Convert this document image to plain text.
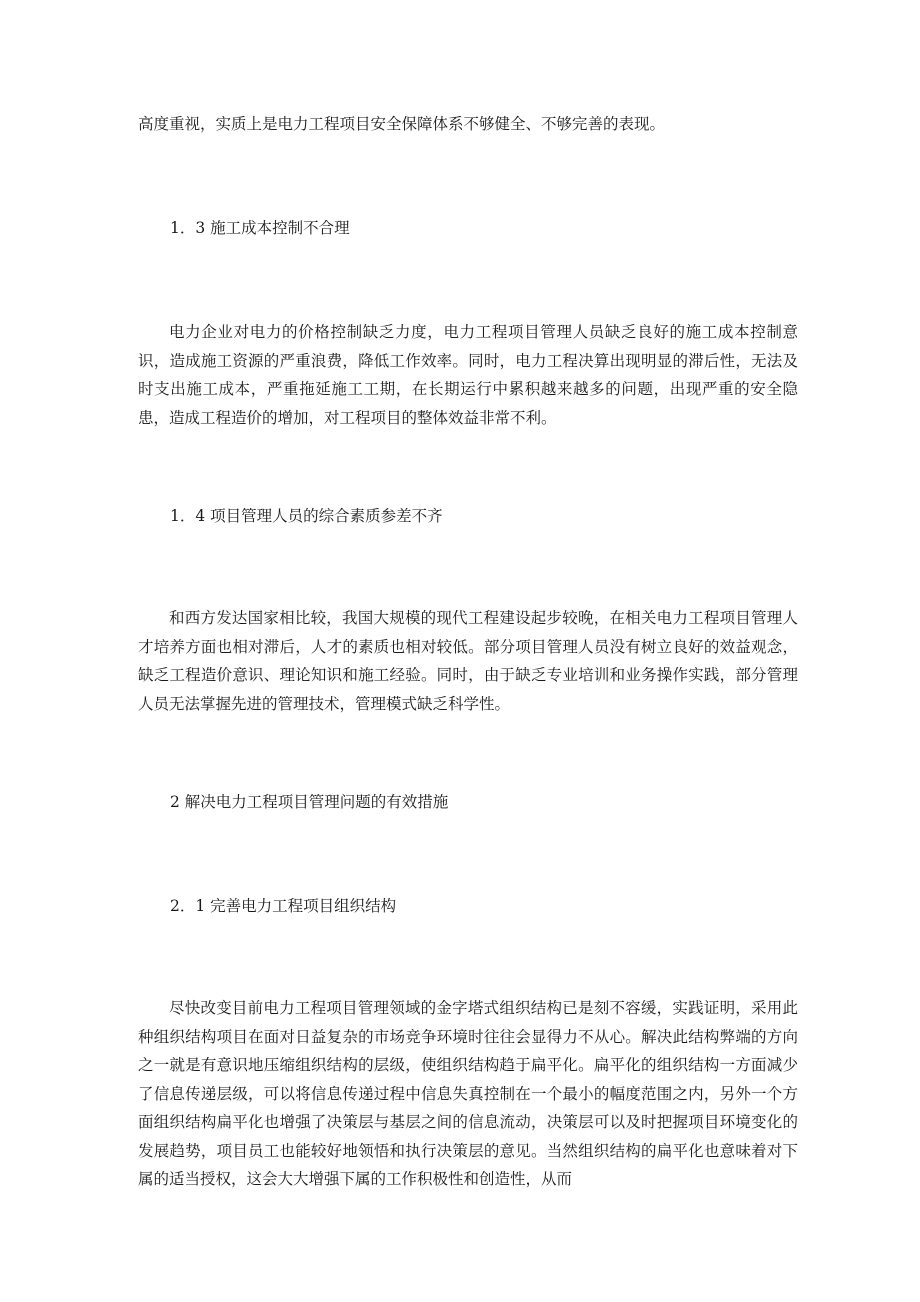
高度重视，实质上是电力工程项目安全保障体系不够健全、不够完善的表现。

1．3 施工成本控制不合理

电力企业对电力的价格控制缺乏力度，电力工程项目管理人员缺乏良好的施工成本控制意识，造成施工资源的严重浪费，降低工作效率。同时，电力工程决算出现明显的滞后性，无法及时支出施工成本，严重拖延施工工期，在长期运行中累积越来越多的问题，出现严重的安全隐患，造成工程造价的增加，对工程项目的整体效益非常不利。

1．4 项目管理人员的综合素质参差不齐

和西方发达国家相比较，我国大规模的现代工程建设起步较晚，在相关电力工程项目管理人才培养方面也相对滞后，人才的素质也相对较低。部分项目管理人员没有树立良好的效益观念，缺乏工程造价意识、理论知识和施工经验。同时，由于缺乏专业培训和业务操作实践，部分管理人员无法掌握先进的管理技术，管理模式缺乏科学性。

2 解决电力工程项目管理问题的有效措施

2．1 完善电力工程项目组织结构

尽快改变目前电力工程项目管理领域的金字塔式组织结构已是刻不容缓，实践证明，采用此种组织结构项目在面对日益复杂的市场竞争环境时往往会显得力不从心。解决此结构弊端的方向之一就是有意识地压缩组织结构的层级，使组织结构趋于扁平化。扁平化的组织结构一方面减少了信息传递层级，可以将信息传递过程中信息失真控制在一个最小的幅度范围之内，另外一个方面组织结构扁平化也增强了决策层与基层之间的信息流动，决策层可以及时把握项目环境变化的发展趋势，项目员工也能较好地领悟和执行决策层的意见。当然组织结构的扁平化也意味着对下属的适当授权，这会大大增强下属的工作积极性和创造性，从而
